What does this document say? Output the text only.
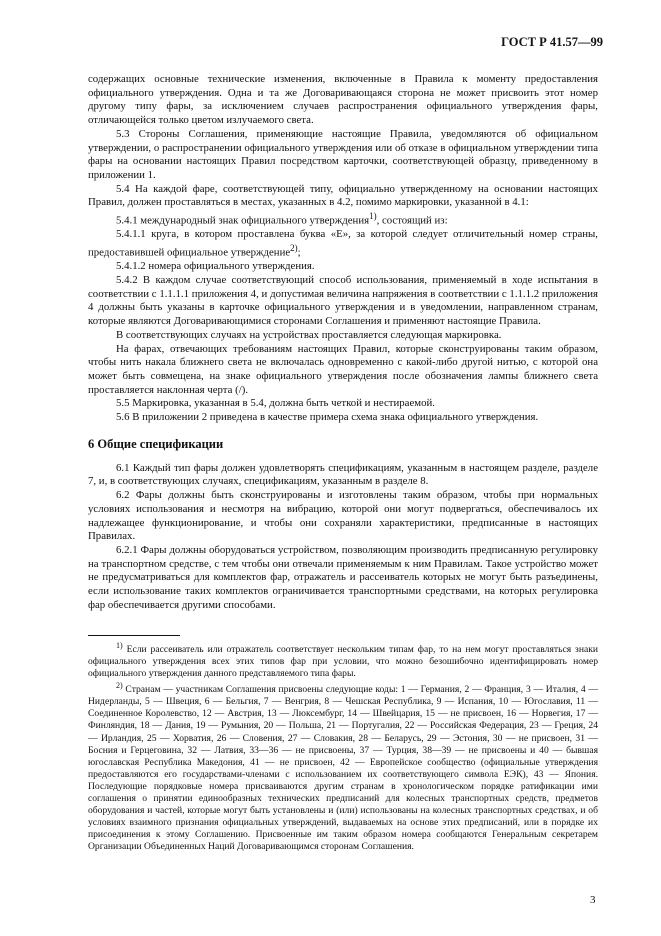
ГОСТ Р 41.57—99

содержащих основные технические изменения, включенные в Правила к моменту предоставления официального утверждения. Одна и та же Договаривающаяся сторона не может присвоить этот номер другому типу фары, за исключением случаев распространения официального утверждения фары, отличающейся только цветом излучаемого света.

5.3 Стороны Соглашения, применяющие настоящие Правила, уведомляются об официальном утверждении, о распространении официального утверждения или об отказе в официальном утверждении типа фары на основании настоящих Правил посредством карточки, соответствующей образцу, приведенному в приложении 1.

5.4 На каждой фаре, соответствующей типу, официально утвержденному на основании настоящих Правил, должен проставляться в местах, указанных в 4.2, помимо маркировки, указанной в 4.1:

5.4.1 международный знак официального утверждения$^{1)}$, состоящий из:

5.4.1.1 круга, в котором проставлена буква «Е», за которой следует отличительный номер страны, предоставившей официальное утверждение$^{2)}$;

5.4.1.2 номера официального утверждения.

5.4.2 В каждом случае соответствующий способ использования, применяемый в ходе испытания в соответствии с 1.1.1.1 приложения 4, и допустимая величина напряжения в соответствии с 1.1.1.2 приложения 4 должны быть указаны в карточке официального утверждения и в уведомлении, направленном странам, которые являются Договаривающимися сторонами Соглашения и применяют настоящие Правила.

В соответствующих случаях на устройствах проставляется следующая маркировка.

На фарах, отвечающих требованиям настоящих Правил, которые сконструированы таким образом, чтобы нить накала ближнего света не включалась одновременно с какой-либо другой нитью, с которой она может быть совмещена, на знаке официального утверждения после обозначения лампы ближнего света проставляется наклонная черта (/).

5.5 Маркировка, указанная в 5.4, должна быть четкой и нестираемой.

5.6 В приложении 2 приведена в качестве примера схема знака официального утверждения.

6 Общие спецификации

6.1 Каждый тип фары должен удовлетворять спецификациям, указанным в настоящем разделе, разделе 7, и, в соответствующих случаях, спецификациям, указанным в разделе 8.

6.2 Фары должны быть сконструированы и изготовлены таким образом, чтобы при нормальных условиях использования и несмотря на вибрацию, которой они могут подвергаться, обеспечивалось их надлежащее функционирование, и чтобы они сохраняли характеристики, предписанные в настоящих Правилах.

6.2.1 Фары должны оборудоваться устройством, позволяющим производить предписанную регулировку на транспортном средстве, с тем чтобы они отвечали применяемым к ним Правилам. Такое устройство может не предусматриваться для комплектов фар, отражатель и рассеиватель которых не могут быть разъединены, если использование таких комплектов ограничивается транспортными средствами, на которых регулировка фар обеспечивается другими способами.

$^{1)}$ Если рассеиватель или отражатель соответствует нескольким типам фар, то на нем могут проставляться знаки официального утверждения всех этих типов фар при условии, что можно безошибочно идентифицировать номер официального утверждения данного представляемого типа фары.

$^{2)}$ Странам — участникам Соглашения присвоены следующие коды: 1 — Германия, 2 — Франция, 3 — Италия, 4 — Нидерланды, 5 — Швеция, 6 — Бельгия, 7 — Венгрия, 8 — Чешская Республика, 9 — Испания, 10 — Югославия, 11 — Соединенное Королевство, 12 — Австрия, 13 — Люксембург, 14 — Швейцария, 15 — не присвоен, 16 — Норвегия, 17 — Финляндия, 18 — Дания, 19 — Румыния, 20 — Польша, 21 — Португалия, 22 — Российская Федерация, 23 — Греция, 24 — Ирландия, 25 — Хорватия, 26 — Словения, 27 — Словакия, 28 — Беларусь, 29 — Эстония, 30 — не присвоен, 31 — Босния и Герцеговина, 32 — Латвия, 33—36 — не присвоены, 37 — Турция, 38—39 — не присвоены и 40 — бывшая югославская Республика Македония, 41 — не присвоен, 42 — Европейское сообщество (официальные утверждения предоставляются его государствами-членами с использованием их соответствующего символа ЕЭК), 43 — Япония. Последующие порядковые номера присваиваются другим странам в хронологическом порядке ратификации ими соглашения о принятии единообразных технических предписаний для колесных транспортных средств, предметов оборудования и частей, которые могут быть установлены и (или) использованы на колесных транспортных средствах, и об условиях взаимного признания официальных утверждений, выдаваемых на основе этих предписаний, или в порядке их присоединения к этому Соглашению. Присвоенные им таким образом номера сообщаются Генеральным секретарем Организации Объединенных Наций Договаривающимся сторонам Соглашения.

3
